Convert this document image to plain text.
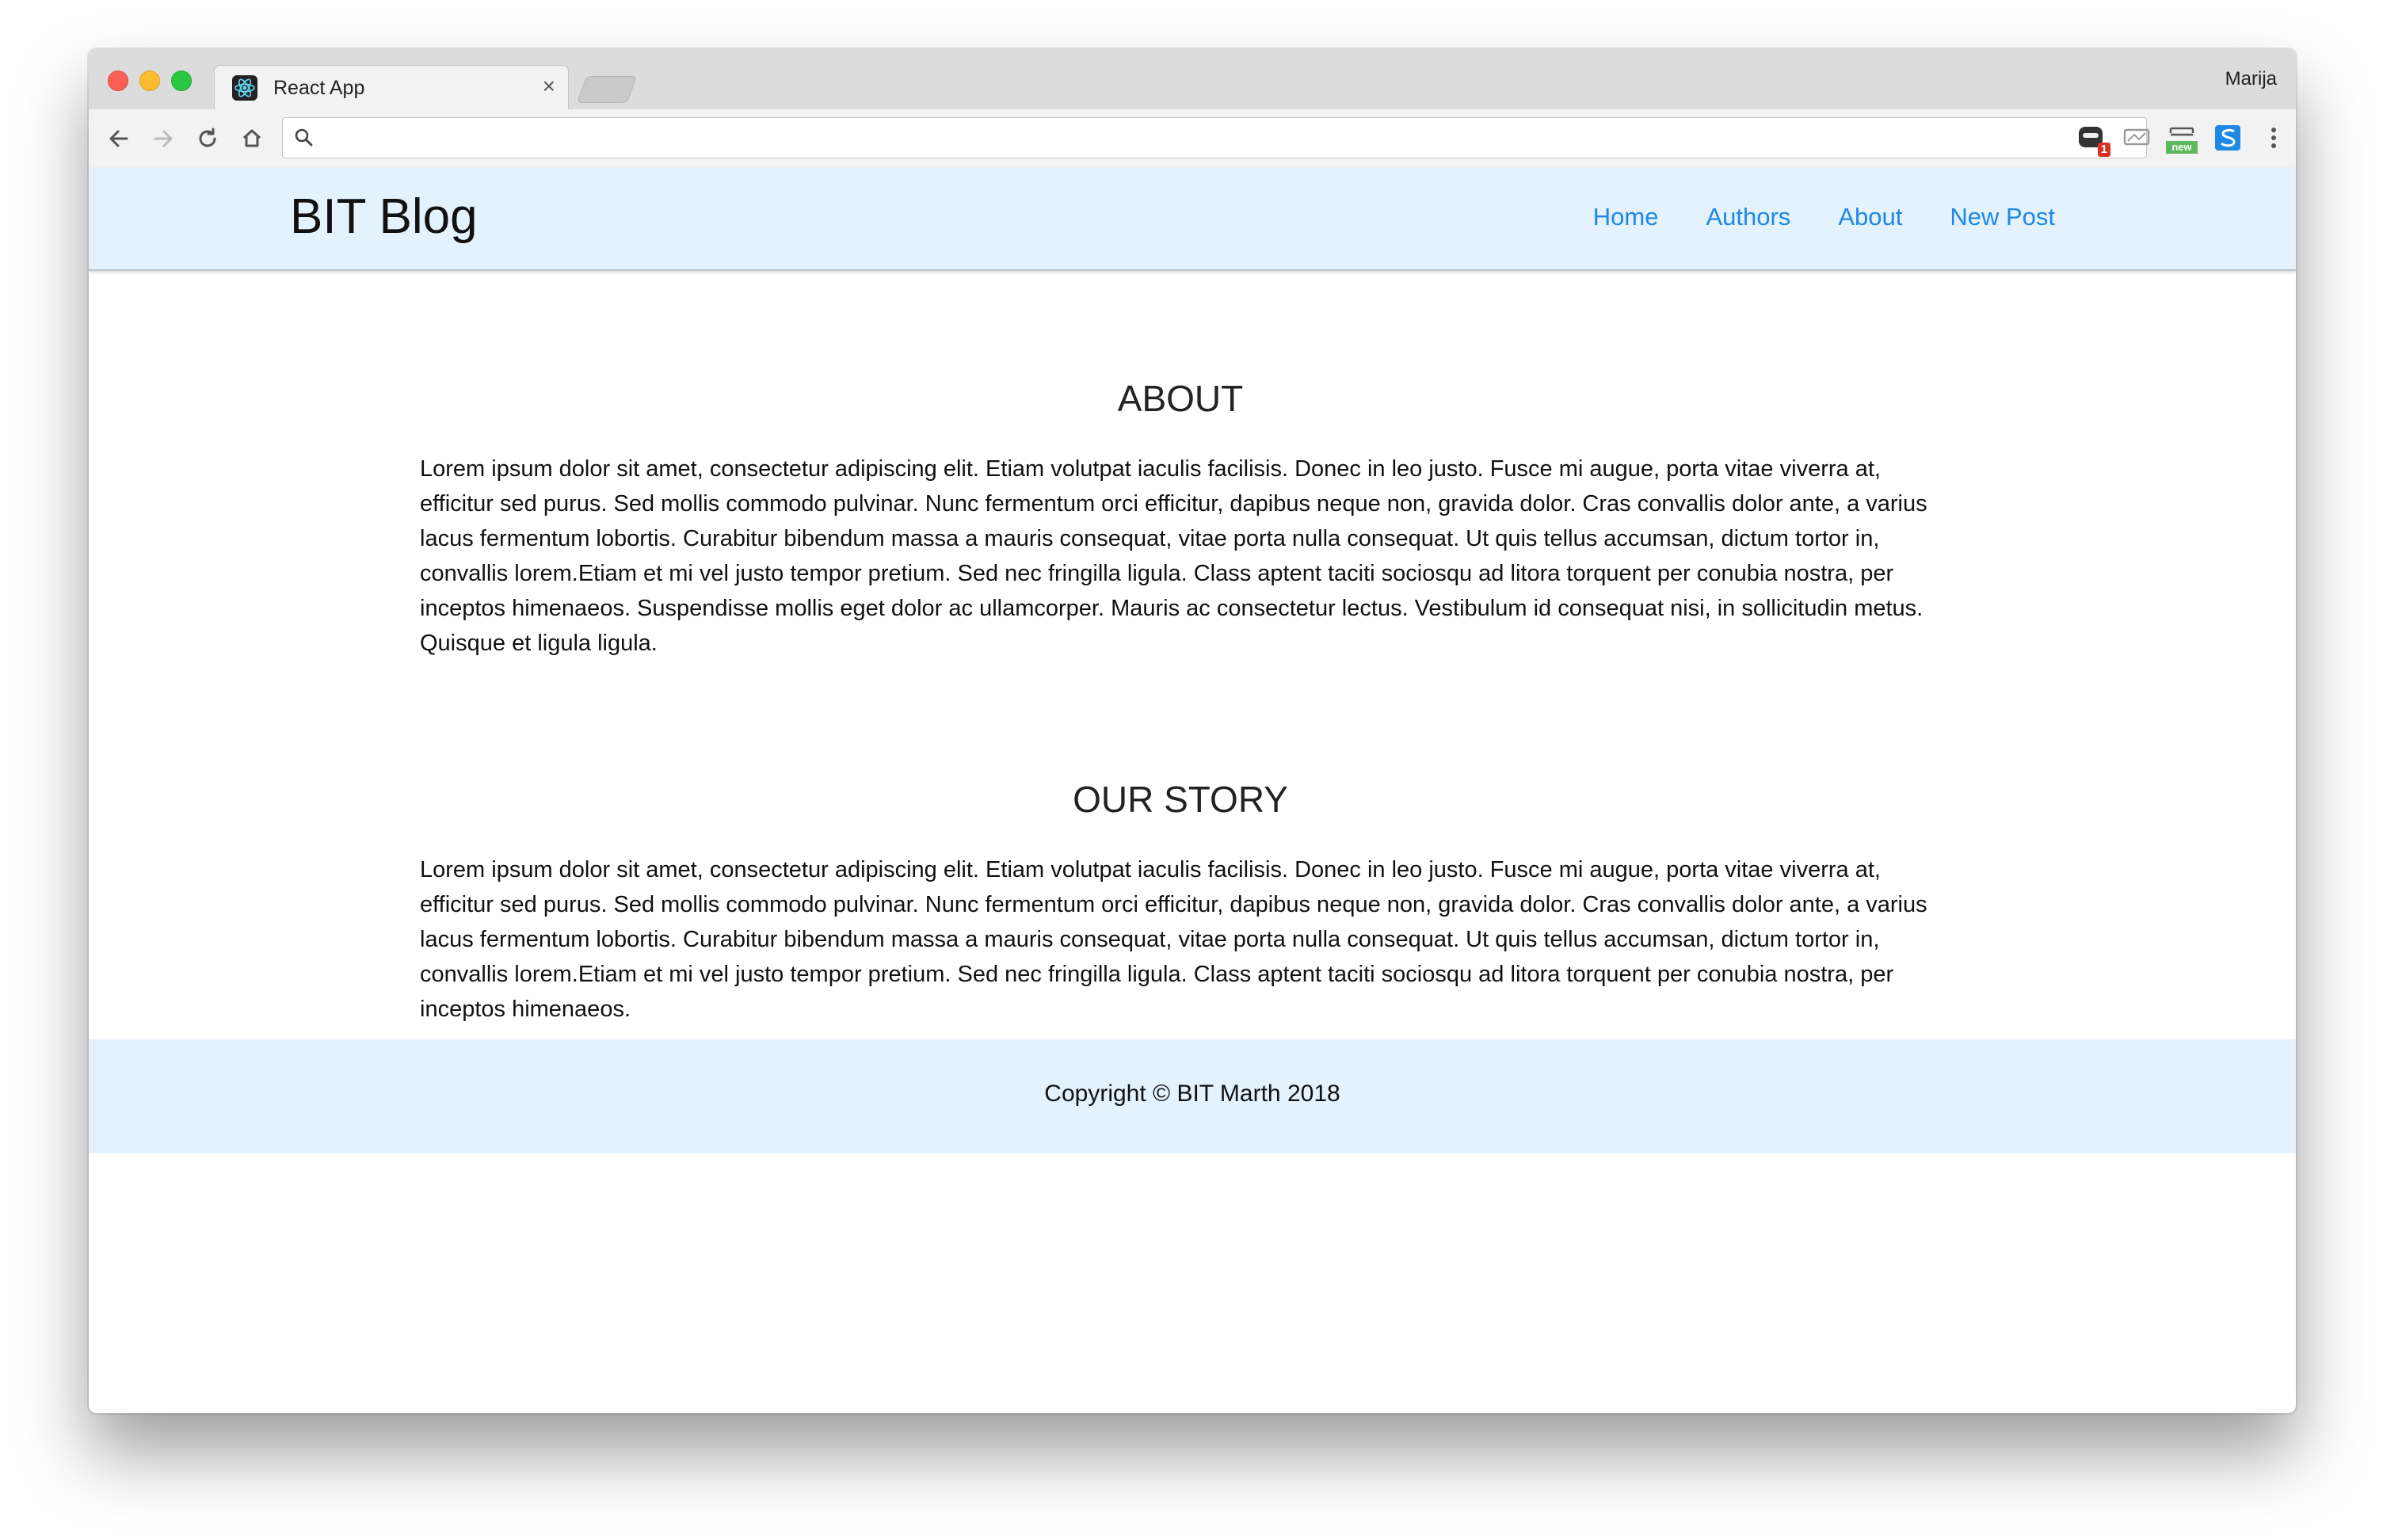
React App	×	Marija
1	new
BIT Blog	Home Authors About New Post
ABOUT

Lorem ipsum dolor sit amet, consectetur adipiscing elit. Etiam volutpat iaculis facilisis. Donec in leo justo. Fusce mi augue, porta vitae viverra at, efficitur sed purus. Sed mollis commodo pulvinar. Nunc fermentum orci efficitur, dapibus neque non, gravida dolor. Cras convallis dolor ante, a varius lacus fermentum lobortis. Curabitur bibendum massa a mauris consequat, vitae porta nulla consequat. Ut quis tellus accumsan, dictum tortor in, convallis lorem.Etiam et mi vel justo tempor pretium. Sed nec fringilla ligula. Class aptent taciti sociosqu ad litora torquent per conubia nostra, per inceptos himenaeos. Suspendisse mollis eget dolor ac ullamcorper. Mauris ac consectetur lectus. Vestibulum id consequat nisi, in sollicitudin metus. Quisque et ligula ligula.

OUR STORY

Lorem ipsum dolor sit amet, consectetur adipiscing elit. Etiam volutpat iaculis facilisis. Donec in leo justo. Fusce mi augue, porta vitae viverra at, efficitur sed purus. Sed mollis commodo pulvinar. Nunc fermentum orci efficitur, dapibus neque non, gravida dolor. Cras convallis dolor ante, a varius lacus fermentum lobortis. Curabitur bibendum massa a mauris consequat, vitae porta nulla consequat. Ut quis tellus accumsan, dictum tortor in, convallis lorem.Etiam et mi vel justo tempor pretium. Sed nec fringilla ligula. Class aptent taciti sociosqu ad litora torquent per conubia nostra, per inceptos himenaeos.

Copyright © BIT Marth 2018
